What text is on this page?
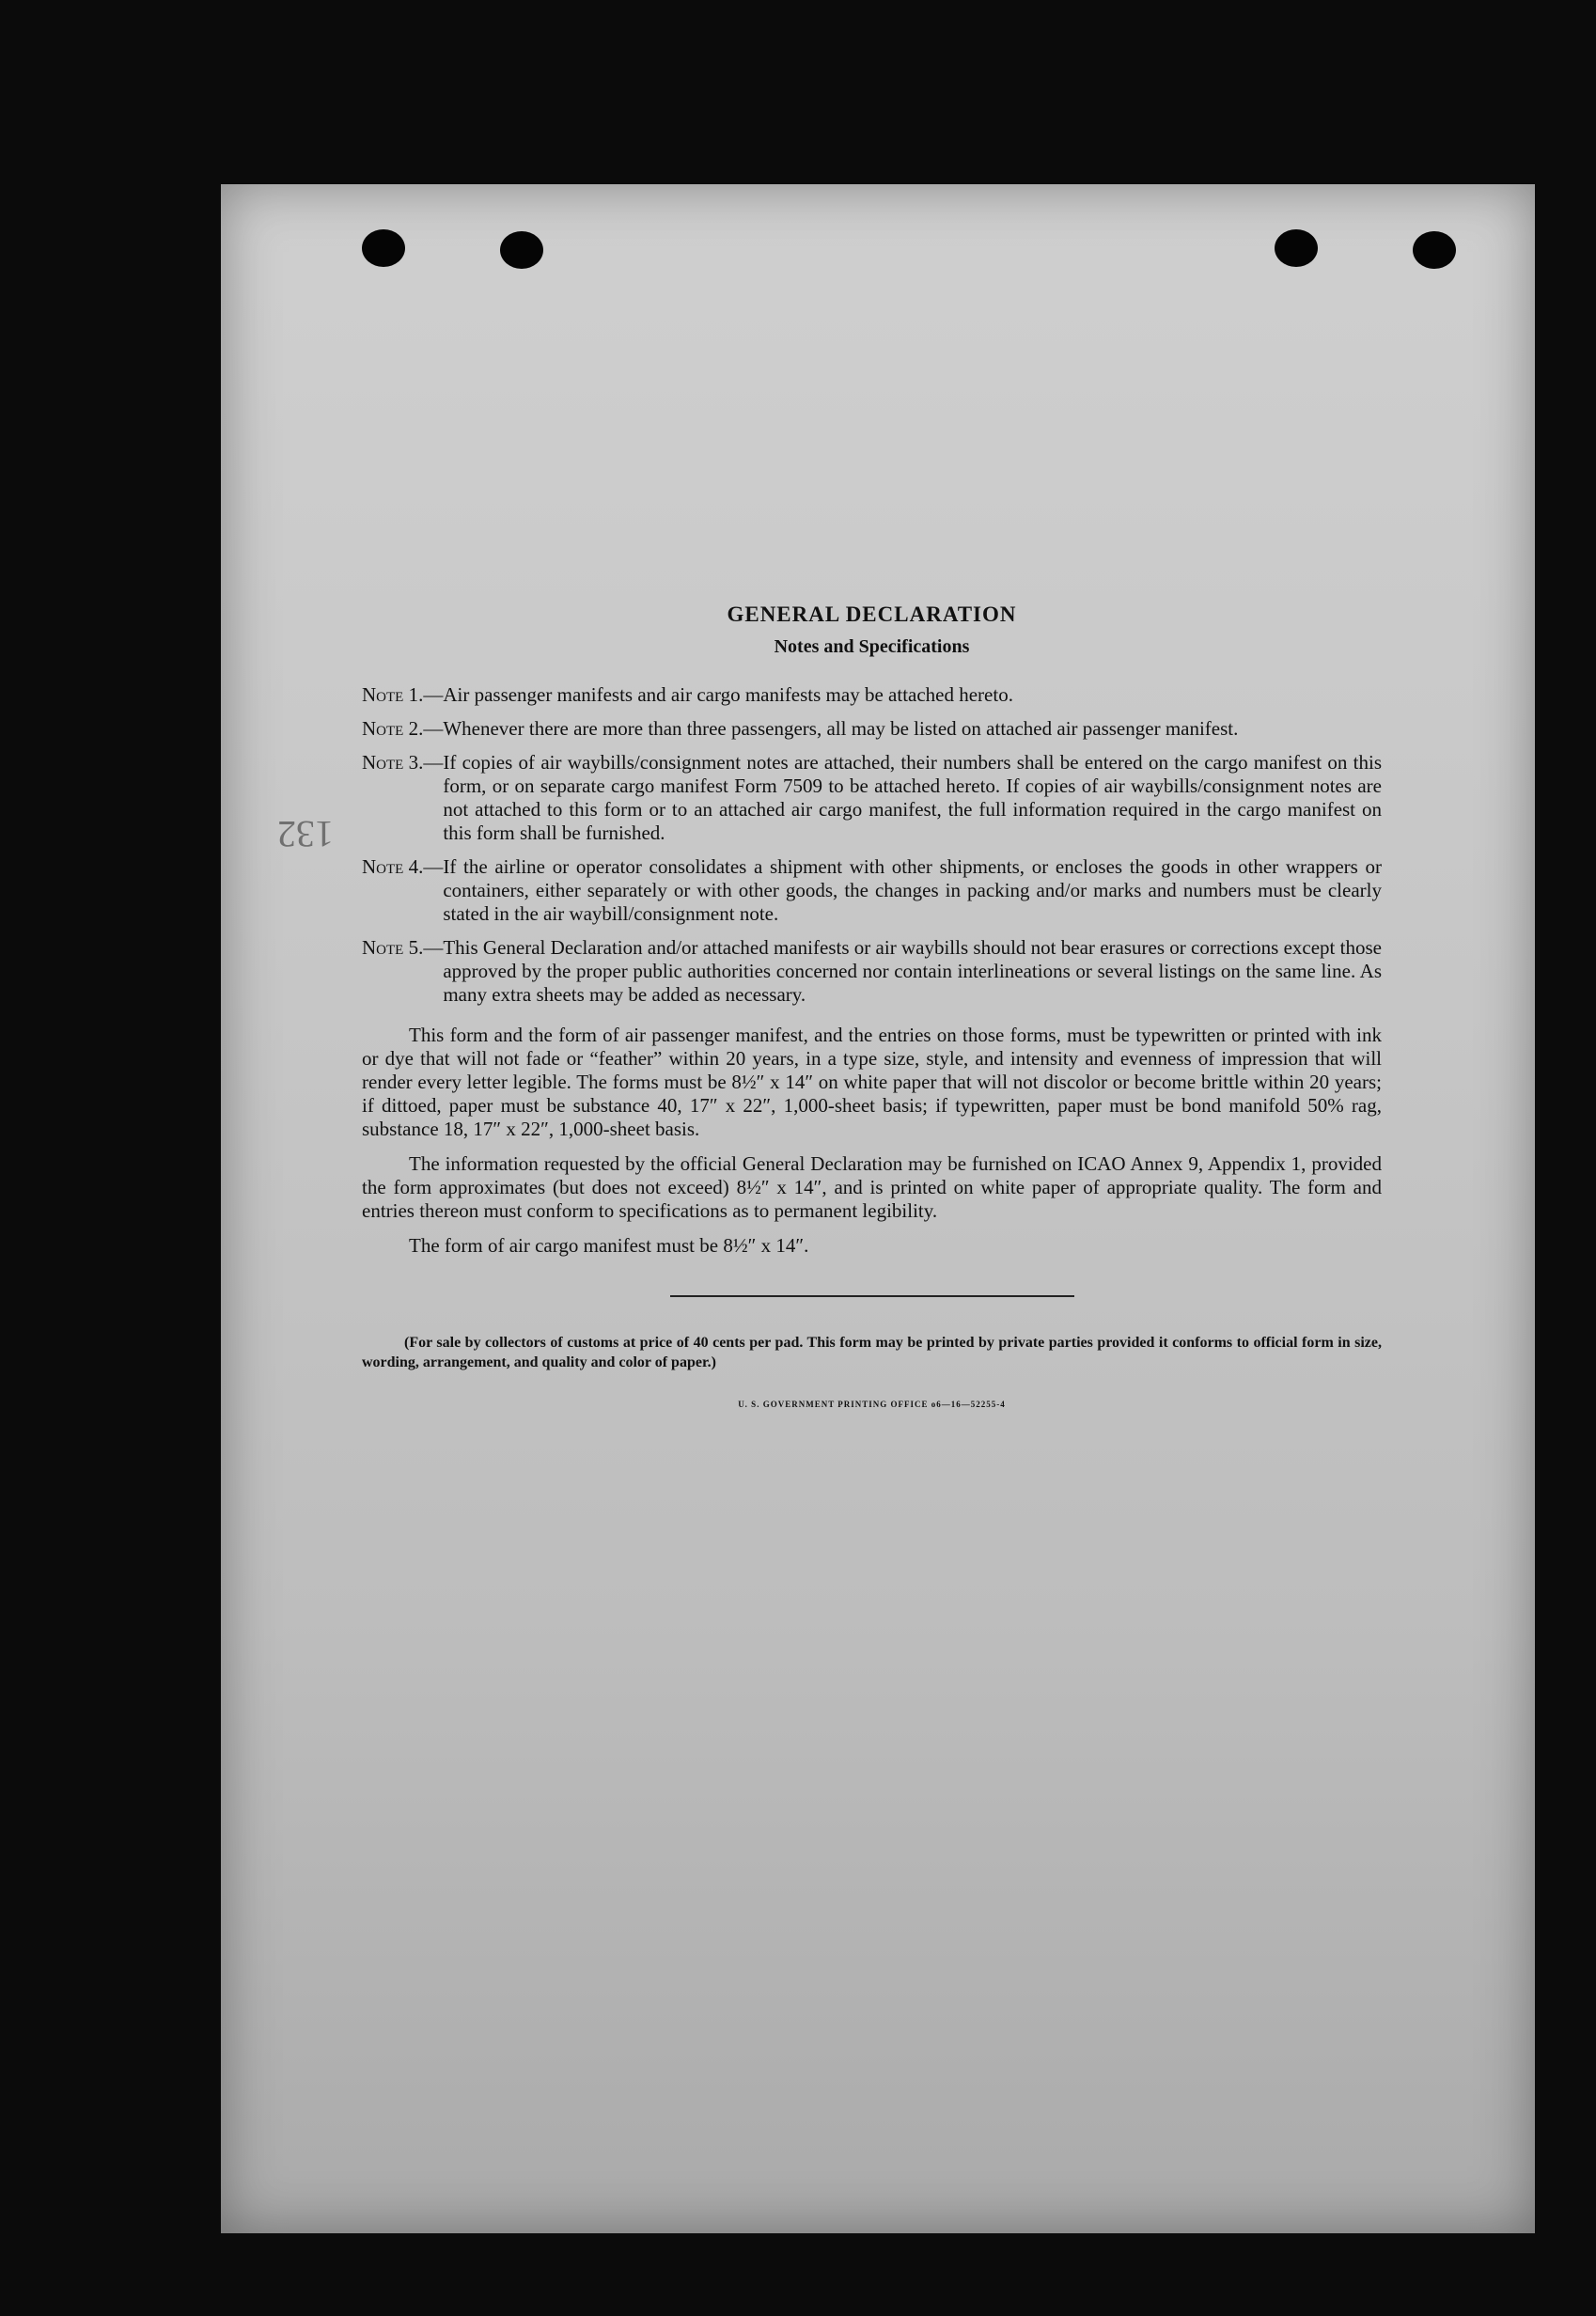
132
GENERAL DECLARATION
Notes and Specifications
Note 1.— Air passenger manifests and air cargo manifests may be attached hereto.
Note 2.— Whenever there are more than three passengers, all may be listed on attached air passenger manifest.
Note 3.— If copies of air waybills/consignment notes are attached, their numbers shall be entered on the cargo manifest on this form, or on separate cargo manifest Form 7509 to be attached hereto. If copies of air waybills/consignment notes are not attached to this form or to an attached air cargo manifest, the full information required in the cargo manifest on this form shall be furnished.
Note 4.— If the airline or operator consolidates a shipment with other shipments, or encloses the goods in other wrappers or containers, either separately or with other goods, the changes in packing and/or marks and numbers must be clearly stated in the air waybill/consignment note.
Note 5.— This General Declaration and/or attached manifests or air waybills should not bear erasures or corrections except those approved by the proper public authorities concerned nor contain interlineations or several listings on the same line. As many extra sheets may be added as necessary.

This form and the form of air passenger manifest, and the entries on those forms, must be typewritten or printed with ink or dye that will not fade or “feather” within 20 years, in a type size, style, and intensity and evenness of impression that will render every letter legible. The forms must be 8½″ x 14″ on white paper that will not discolor or become brittle within 20 years; if dittoed, paper must be substance 40, 17″ x 22″, 1,000-sheet basis; if typewritten, paper must be bond manifold 50% rag, substance 18, 17″ x 22″, 1,000-sheet basis.

The information requested by the official General Declaration may be furnished on ICAO Annex 9, Appendix 1, provided the form approximates (but does not exceed) 8½″ x 14″, and is printed on white paper of appropriate quality. The form and entries thereon must conform to specifications as to permanent legibility.

The form of air cargo manifest must be 8½″ x 14″.

(For sale by collectors of customs at price of 40 cents per pad. This form may be printed by private parties provided it conforms to official form in size, wording, arrangement, and quality and color of paper.)
U. S. GOVERNMENT PRINTING OFFICE o6—16—52255-4
